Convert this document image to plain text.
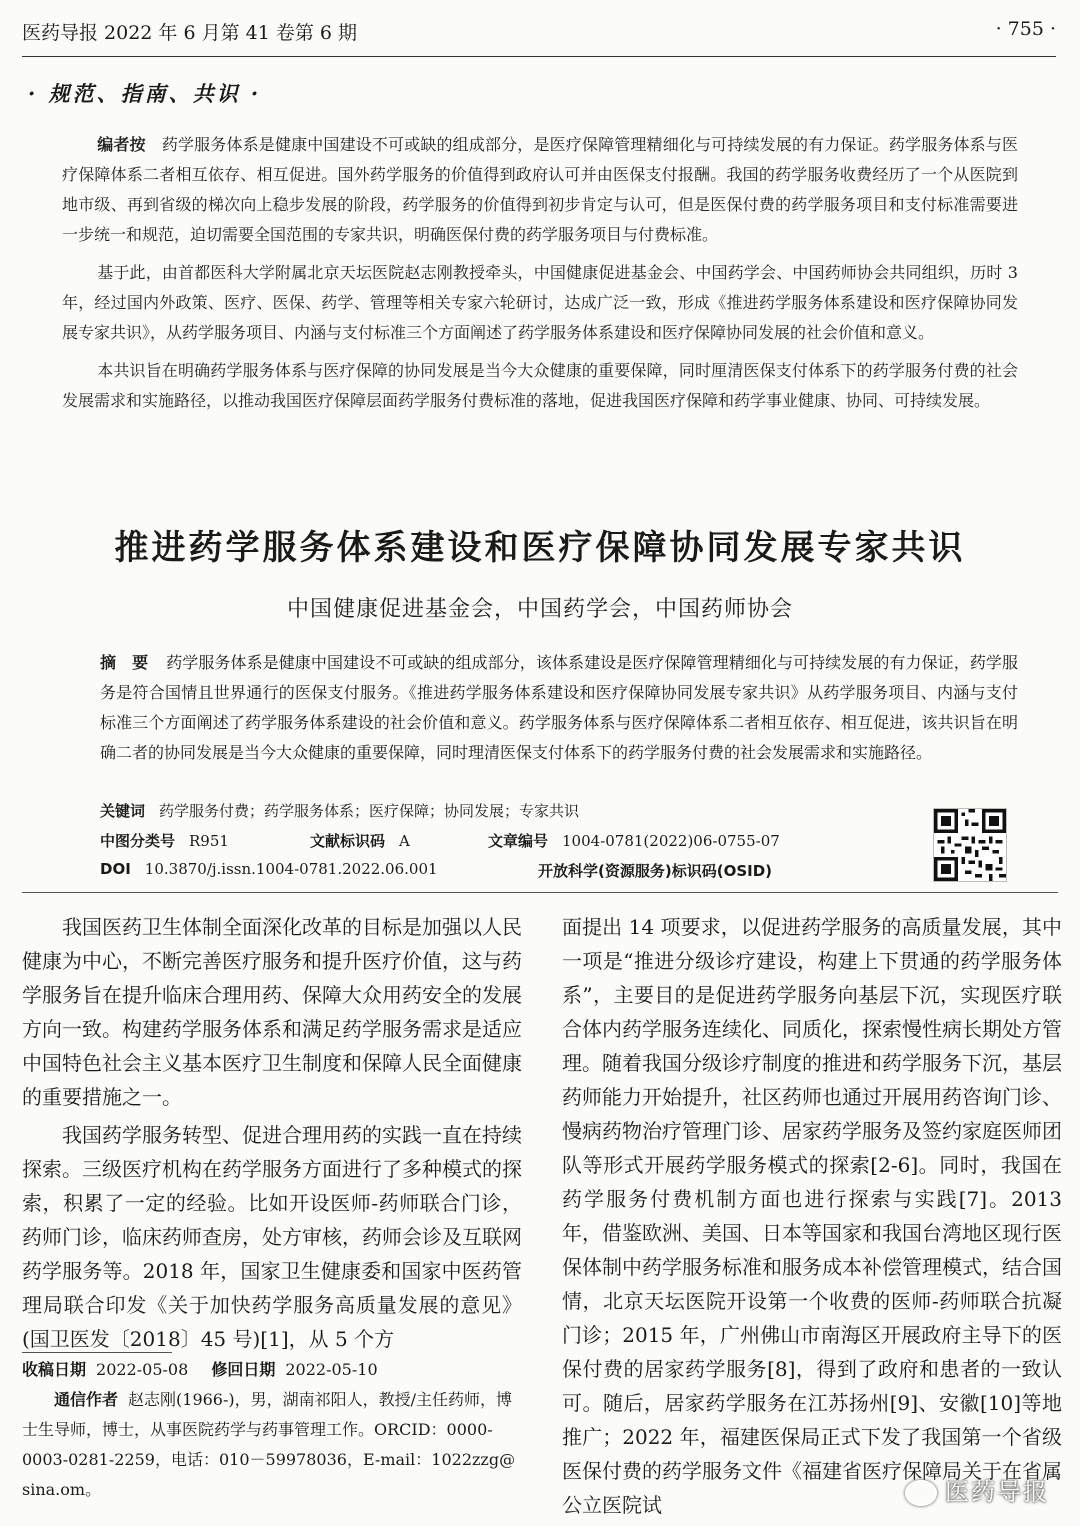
医药导报 2022 年 6 月第 41 卷第 6 期	· 755 ·
· 规范、指南、共识 ·

编者按　 药学服务体系是健康中国建设不可或缺的组成部分，是医疗保障管理精细化与可持续发展的有力保证。药学服务体系与医疗保障体系二者相互依存、相互促进。国外药学服务的价值得到政府认可并由医保支付报酬。我国的药学服务收费经历了一个从医院到地市级、再到省级的梯次向上稳步发展的阶段，药学服务的价值得到初步肯定与认可，但是医保付费的药学服务项目和支付标准需要进一步统一和规范，迫切需要全国范围的专家共识，明确医保付费的药学服务项目与付费标准。

基于此，由首都医科大学附属北京天坛医院赵志刚教授牵头，中国健康促进基金会、中国药学会、中国药师协会共同组织，历时 3 年，经过国内外政策、医疗、医保、药学、管理等相关专家六轮研讨，达成广泛一致，形成《推进药学服务体系建设和医疗保障协同发展专家共识》，从药学服务项目、内涵与支付标准三个方面阐述了药学服务体系建设和医疗保障协同发展的社会价值和意义。

本共识旨在明确药学服务体系与医疗保障的协同发展是当今大众健康的重要保障，同时厘清医保支付体系下的药学服务付费的社会发展需求和实施路径，以推动我国医疗保障层面药学服务付费标准的落地，促进我国医疗保障和药学事业健康、协同、可持续发展。

推进药学服务体系建设和医疗保障协同发展专家共识
中国健康促进基金会，中国药学会，中国药师协会

摘　要 药学服务体系是健康中国建设不可或缺的组成部分，该体系建设是医疗保障管理精细化与可持续发展的有力保证，药学服务是符合国情且世界通行的医保支付服务。《推进药学服务体系建设和医疗保障协同发展专家共识》从药学服务项目、内涵与支付标准三个方面阐述了药学服务体系建设的社会价值和意义。药学服务体系与医疗保障体系二者相互依存、相互促进，该共识旨在明确二者的协同发展是当今大众健康的重要保障，同时理清医保支付体系下的药学服务付费的社会发展需求和实施路径。

关键词 药学服务付费；药学服务体系；医疗保障；协同发展；专家共识
中图分类号 R951	文献标识码 A	文章编号 1004-0781(2022)06-0755-07
DOI 10.3870/j.issn.1004-0781.2022.06.001	开放科学(资源服务)标识码(OSID)

我国医药卫生体制全面深化改革的目标是加强以人民健康为中心，不断完善医疗服务和提升医疗价值，这与药学服务旨在提升临床合理用药、保障大众用药安全的发展方向一致。构建药学服务体系和满足药学服务需求是适应中国特色社会主义基本医疗卫生制度和保障人民全面健康的重要措施之一。

我国药学服务转型、促进合理用药的实践一直在持续探索。三级医疗机构在药学服务方面进行了多种模式的探索，积累了一定的经验。比如开设医师-药师联合门诊，药师门诊，临床药师查房，处方审核，药师会诊及互联网药学服务等。2018 年，国家卫生健康委和国家中医药管理局联合印发《关于加快药学服务高质量发展的意见》(国卫医发〔2018〕45 号)[1]，从 5 个方

面提出 14 项要求，以促进药学服务的高质量发展，其中一项是“推进分级诊疗建设，构建上下贯通的药学服务体系”，主要目的是促进药学服务向基层下沉，实现医疗联合体内药学服务连续化、同质化，探索慢性病长期处方管理。随着我国分级诊疗制度的推进和药学服务下沉，基层药师能力开始提升，社区药师也通过开展用药咨询门诊、慢病药物治疗管理门诊、居家药学服务及签约家庭医师团队等形式开展药学服务模式的探索[2-6]。同时，我国在药学服务付费机制方面也进行探索与实践[7]。2013 年，借鉴欧洲、美国、日本等国家和我国台湾地区现行医保体制中药学服务标准和服务成本补偿管理模式，结合国情，北京天坛医院开设第一个收费的医师-药师联合抗凝门诊；2015 年，广州佛山市南海区开展政府主导下的医保付费的居家药学服务[8]，得到了政府和患者的一致认可。随后，居家药学服务在江苏扬州[9]、安徽[10]等地推广；2022 年，福建医保局正式下发了我国第一个省级医保付费的药学服务文件《福建省医疗保障局关于在省属公立医院试

收稿日期 2022-05-08 修回日期 2022-05-10
通信作者 赵志刚(1966-)，男，湖南祁阳人，教授/主任药师，博士生导师，博士，从事医院药学与药事管理工作。ORCID：0000-0003-0281-2259，电话：010－59978036，E-mail：1022zzg@ sina.om。	医药导报
